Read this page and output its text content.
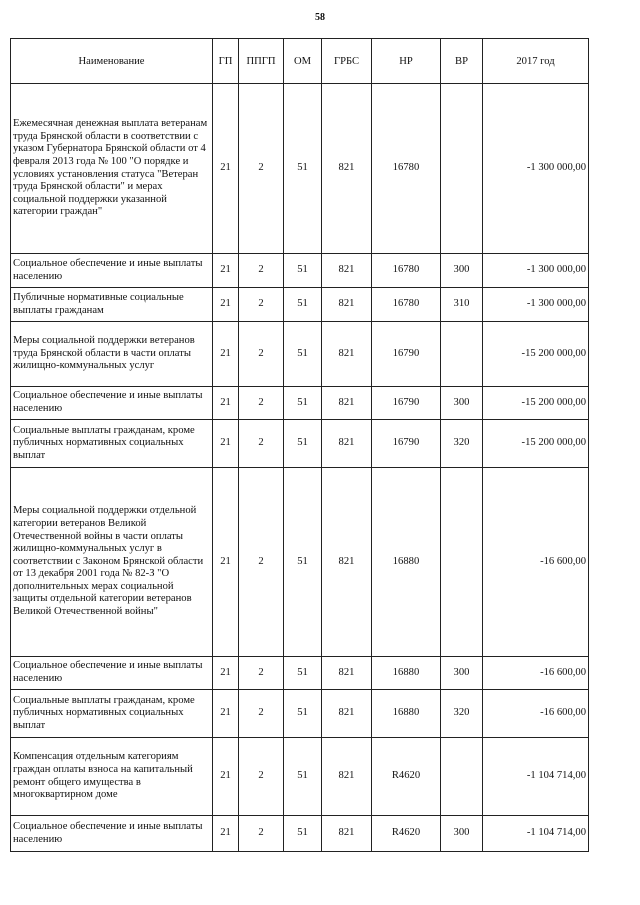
58
Наименование	ГП	ППГП	ОМ	ГРБС	НР	ВР	2017 год
Ежемесячная денежная выплата ветеранам труда Брянской области в соответствии с указом Губернатора Брянской области от 4 февраля 2013 года № 100 "О порядке и условиях установления статуса "Ветеран труда Брянской области" и мерах социальной поддержки указанной категории граждан"	21	2	51	821	16780		-1 300 000,00
Социальное обеспечение и иные выплаты населению	21	2	51	821	16780	300	-1 300 000,00
Публичные нормативные социальные выплаты гражданам	21	2	51	821	16780	310	-1 300 000,00
Меры социальной поддержки ветеранов труда Брянской области в части оплаты жилищно-коммунальных услуг	21	2	51	821	16790		-15 200 000,00
Социальное обеспечение и иные выплаты населению	21	2	51	821	16790	300	-15 200 000,00
Социальные выплаты гражданам, кроме публичных нормативных социальных выплат	21	2	51	821	16790	320	-15 200 000,00
Меры социальной поддержки отдельной категории ветеранов Великой Отечественной войны в части оплаты жилищно-коммунальных услуг в соответствии с Законом Брянской области от 13 декабря 2001 года № 82-З "О дополнительных мерах социальной защиты отдельной категории ветеранов Великой Отечественной войны"	21	2	51	821	16880		-16 600,00
Социальное обеспечение и иные выплаты населению	21	2	51	821	16880	300	-16 600,00
Социальные выплаты гражданам, кроме публичных нормативных социальных выплат	21	2	51	821	16880	320	-16 600,00
Компенсация отдельным категориям граждан оплаты взноса на капитальный ремонт общего имущества в многоквартирном доме	21	2	51	821	R4620		-1 104 714,00
Социальное обеспечение и иные выплаты населению	21	2	51	821	R4620	300	-1 104 714,00
